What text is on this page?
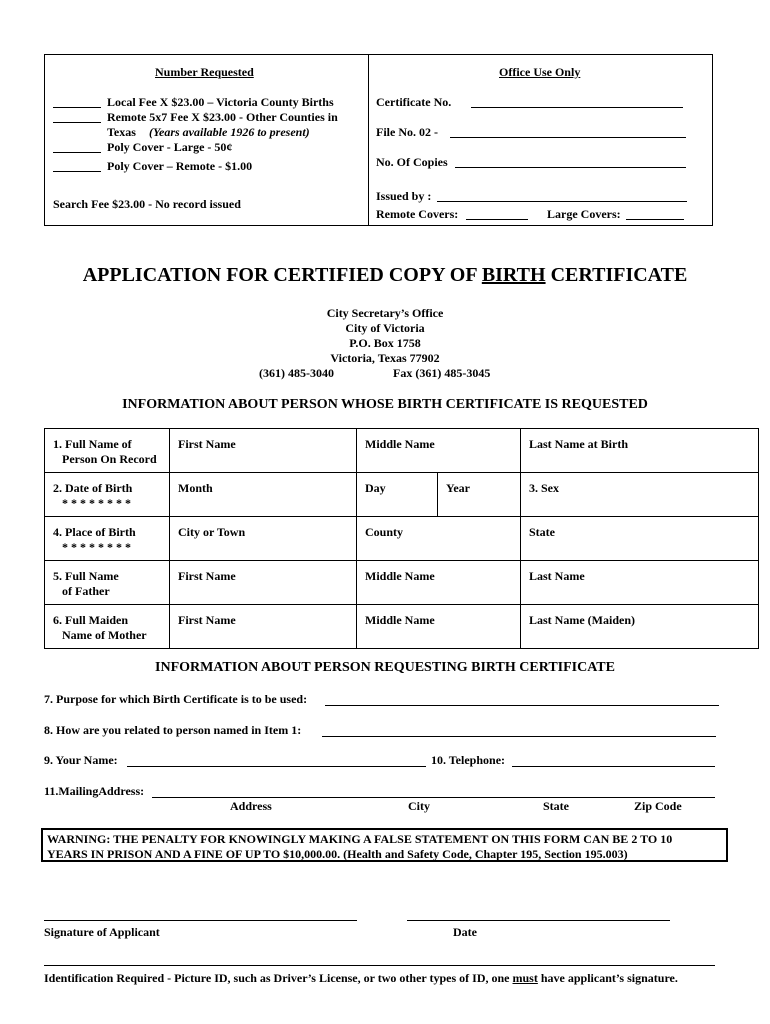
Number Requested	Office Use Only
Local Fee X $23.00 – Victoria County Births
Remote 5x7 Fee X $23.00 - Other Counties in
Texas (Years available 1926 to present)
Poly Cover - Large - 50¢
Poly Cover – Remote - $1.00
Search Fee $23.00 - No record issued
Certificate No.
File No. 02 -
No. Of Copies
Issued by :
Remote Covers:	Large Covers:
APPLICATION FOR CERTIFIED COPY OF BIRTH CERTIFICATE
City Secretary’s Office
City of Victoria
P.O. Box 1758
Victoria, Texas 77902
(361) 485-3040	Fax (361) 485-3045
INFORMATION ABOUT PERSON WHOSE BIRTH CERTIFICATE IS REQUESTED
1. Full Name of
Person On Record	First Name	Middle Name		Last Name at Birth
2. Date of Birth
* * * * * * * *	Month	Day	Year	3. Sex
4. Place of Birth
* * * * * * * *	City or Town	County		State
5. Full Name
of Father	First Name	Middle Name		Last Name
6. Full Maiden
Name of Mother	First Name	Middle Name		Last Name (Maiden)
INFORMATION ABOUT PERSON REQUESTING BIRTH CERTIFICATE
7. Purpose for which Birth Certificate is to be used:
8. How are you related to person named in Item 1:
9. Your Name:	10. Telephone:
11.MailingAddress:
Address	City	State	Zip Code
WARNING: THE PENALTY FOR KNOWINGLY MAKING A FALSE STATEMENT ON THIS FORM CAN BE 2 TO 10
YEARS IN PRISON AND A FINE OF UP TO $10,000.00. (Health and Safety Code, Chapter 195, Section 195.003)
Signature of Applicant	Date
Identification Required - Picture ID, such as Driver’s License, or two other types of ID, one must have applicant’s signature.
